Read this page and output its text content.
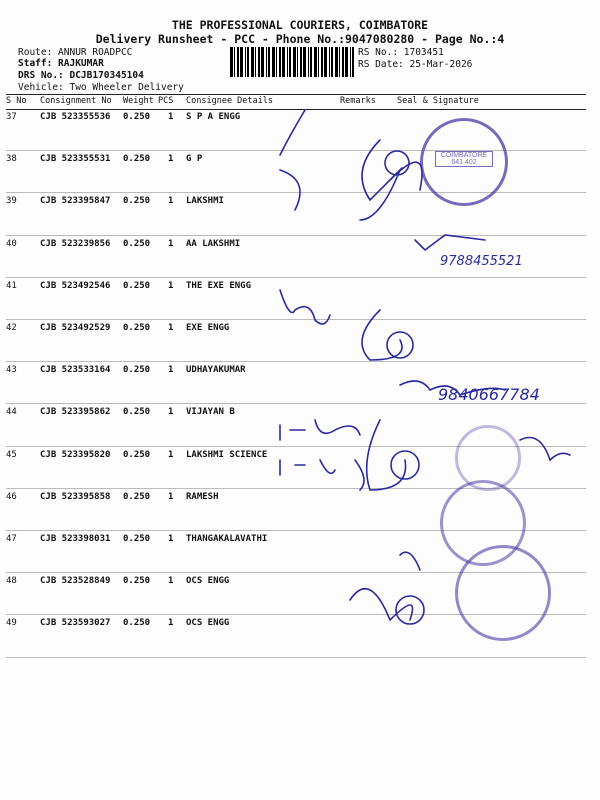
THE PROFESSIONAL COURIERS, COIMBATORE
Delivery Runsheet - PCC - Phone No.:9047080280 - Page No.:4
Route: ANNUR ROADPCC
Staff: RAJKUMAR
DRS No.: DCJB170345104
Vehicle: Two Wheeler Delivery
RS No.: 1703451
RS Date: 25-Mar-2026
S No Consignment No Weight PCS Consignee Details	Remarks Seal & Signature
37	CJB 523355536 0.250 1 S P A ENGG
38	CJB 523355531 0.250 1 G P
39	CJB 523395847 0.250 1 LAKSHMI
40	CJB 523239856 0.250 1 AA LAKSHMI
41	CJB 523492546 0.250 1 THE EXE ENGG
42	CJB 523492529 0.250 1 EXE ENGG
43	CJB 523533164 0.250 1 UDHAYAKUMAR
44	CJB 523395862 0.250 1 VIJAYAN B
45	CJB 523395820 0.250 1 LAKSHMI SCIENCE
46	CJB 523395858 0.250 1 RAMESH
47	CJB 523398031 0.250 1 THANGAKALAVATHI
48	CJB 523528849 0.250 1 OCS ENGG
49	CJB 523593027 0.250 1 OCS ENGG
COIMBATORE 641 402
9788455521
9840667784
